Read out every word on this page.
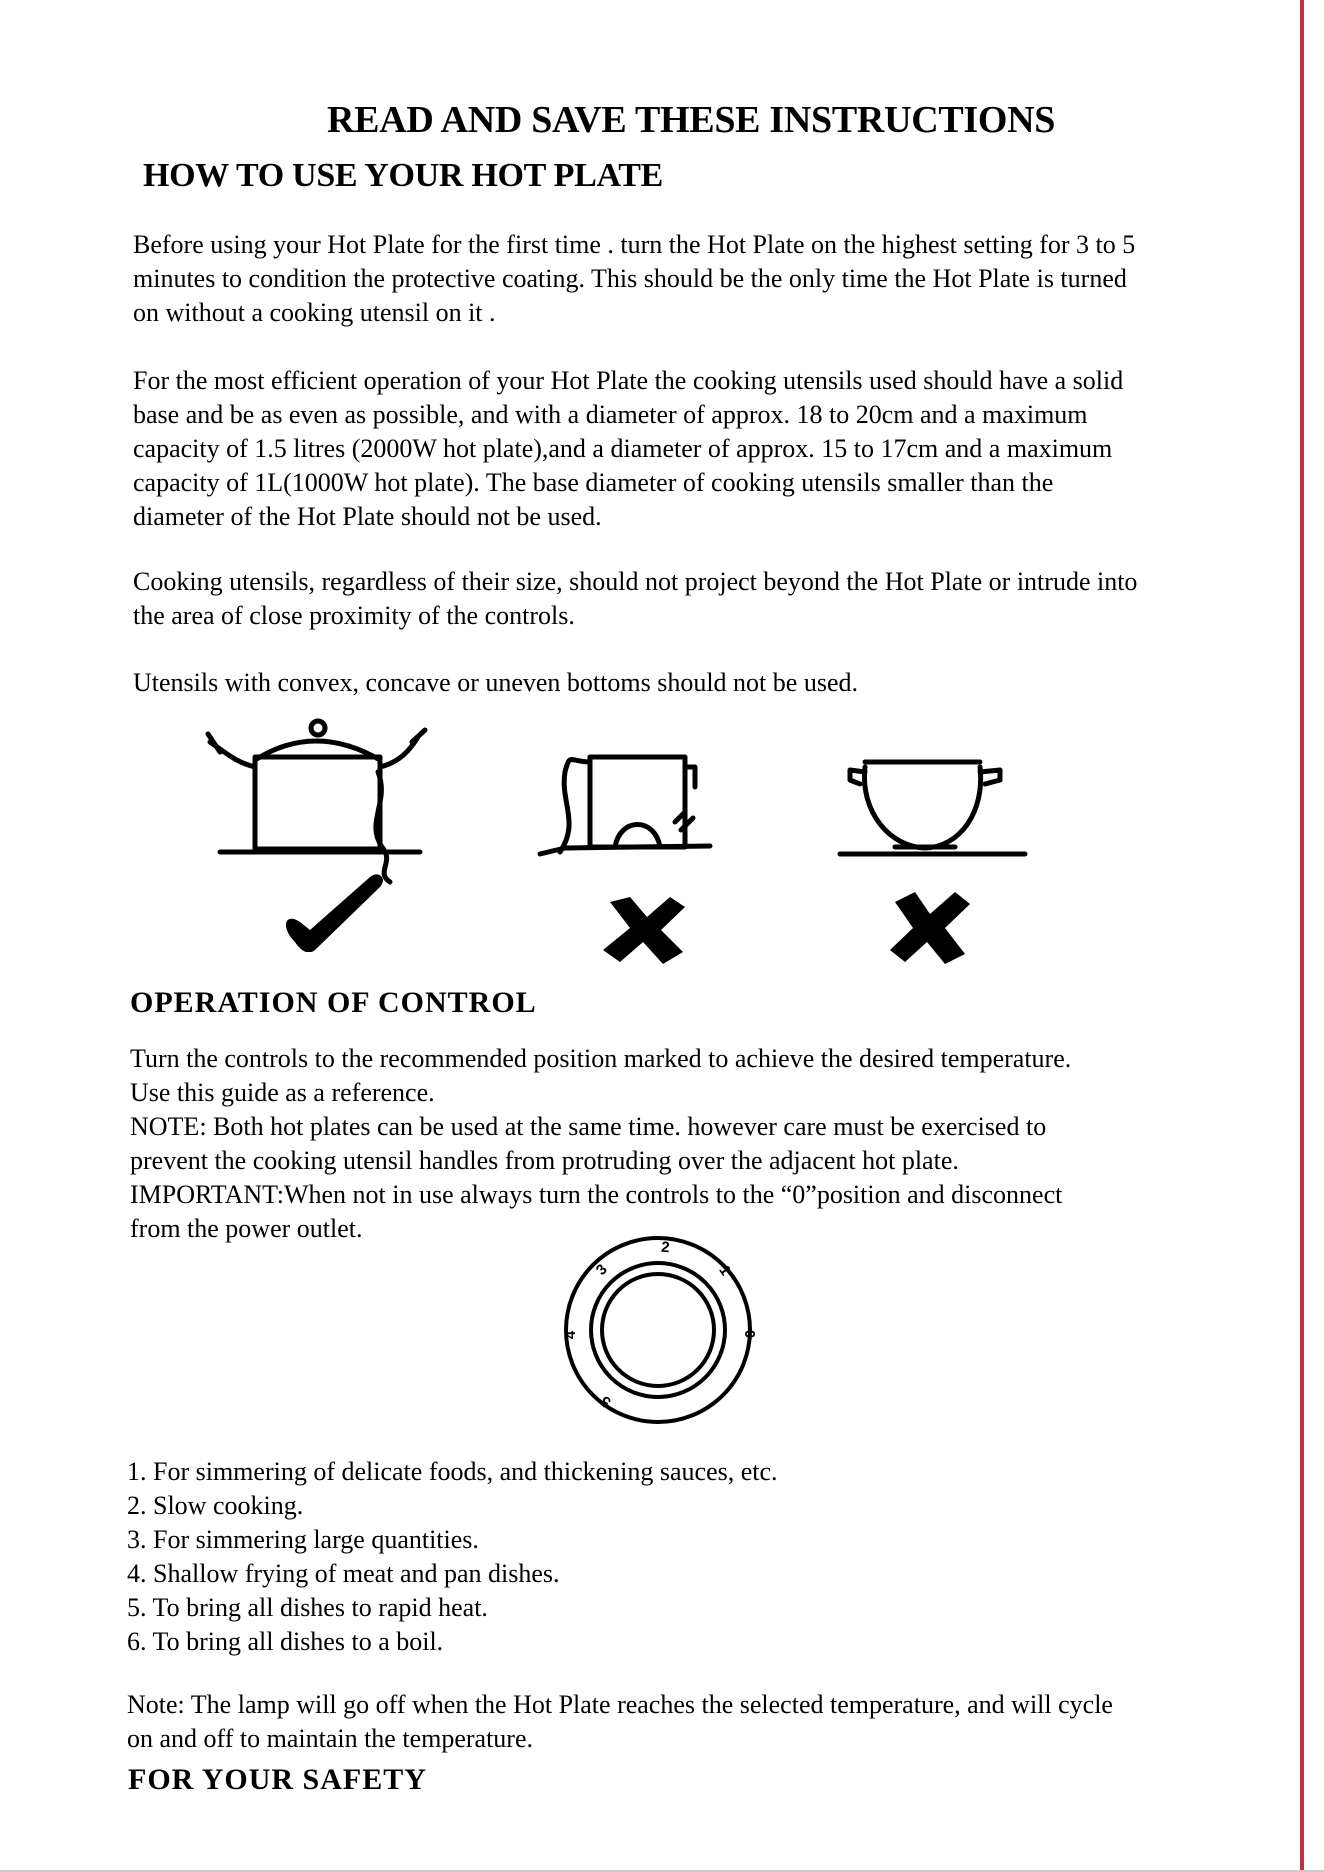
READ AND SAVE THESE INSTRUCTIONS
HOW TO USE YOUR HOT PLATE
Before using your Hot Plate for the first time . turn the Hot Plate on the highest setting for 3 to 5 minutes to condition the protective coating. This should be the only time the Hot Plate is turned on without a cooking utensil on it .
For the most efficient operation of your Hot Plate the cooking utensils used should have a solid base and be as even as possible, and with a diameter of approx. 18 to 20cm and a maximum capacity of 1.5 litres (2000W hot plate),and a diameter of approx. 15 to 17cm and a maximum capacity of 1L(1000W hot plate). The base diameter of cooking utensils smaller than the diameter of the Hot Plate should not be used.
Cooking utensils, regardless of their size, should not project beyond the Hot Plate or intrude into the area of close proximity of the controls.
Utensils with convex, concave or uneven bottoms should not be used.
OPERATION OF CONTROL
Turn the controls to the recommended position marked to achieve the desired temperature.
Use this guide as a reference.
NOTE: Both hot plates can be used at the same time. however care must be exercised to
prevent the cooking utensil handles from protruding over the adjacent hot plate.
IMPORTANT:When not in use always turn the controls to the “0”position and disconnect
from the power outlet.
2
1
0
3
4
5
1. For simmering of delicate foods, and thickening sauces, etc.
2. Slow cooking.
3. For simmering large quantities.
4. Shallow frying of meat and pan dishes.
5. To bring all dishes to rapid heat.
6. To bring all dishes to a boil.
Note: The lamp will go off when the Hot Plate reaches the selected temperature, and will cycle
on and off to maintain the temperature.
FOR YOUR SAFETY
